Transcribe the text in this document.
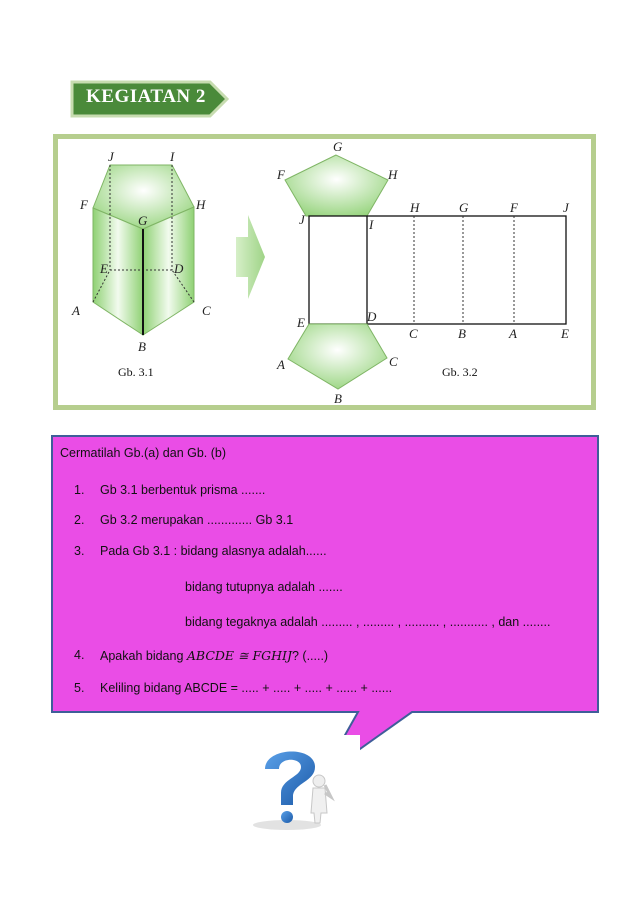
KEGIATAN 2
J	I
F	H
G
E	D
A	C
B
Gb. 3.1
G
F	H
J	I
H	G	F	J
E	D
C	B	A	E
A	C
B
Gb. 3.2
Cermatilah Gb.(a) dan Gb. (b)
1. Gb 3.1 berbentuk prisma .......
2. Gb 3.2 merupakan ............. Gb 3.1
3. Pada Gb 3.1 : bidang alasnya adalah......
bidang tutupnya adalah .......
bidang tegaknya adalah ......... , ......... , .......... , ........... , dan ........
4. Apakah bidang ABCDE ≅ FGHIJ? (.....)
5. Keliling bidang ABCDE = ..... + ..... + ..... + ...... + ......
